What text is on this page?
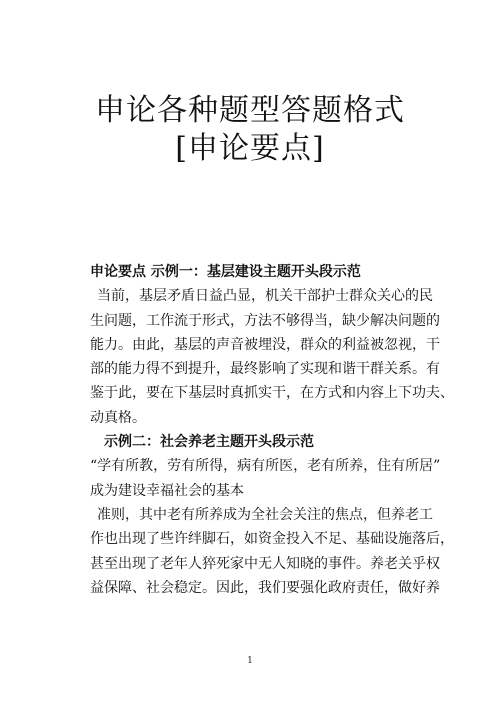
申论各种题型答题格式
[申论要点]

申论要点 示例一：基层建设主题开头段示范

当前，基层矛盾日益凸显，机关干部护士群众关心的民

生问题，工作流于形式，方法不够得当，缺少解决问题的

能力。由此，基层的声音被埋没，群众的利益被忽视，干

部的能力得不到提升，最终影响了实现和谐干群关系。有

鉴于此，要在下基层时真抓实干，在方式和内容上下功夫、

动真格。

示例二：社会养老主题开头段示范

“学有所教，劳有所得，病有所医，老有所养，住有所居”

成为建设幸福社会的基本

准则，其中老有所养成为全社会关注的焦点，但养老工

作也出现了些许绊脚石，如资金投入不足、基础设施落后，

甚至出现了老年人猝死家中无人知晓的事件。养老关乎权

益保障、社会稳定。因此，我们要强化政府责任，做好养

1
